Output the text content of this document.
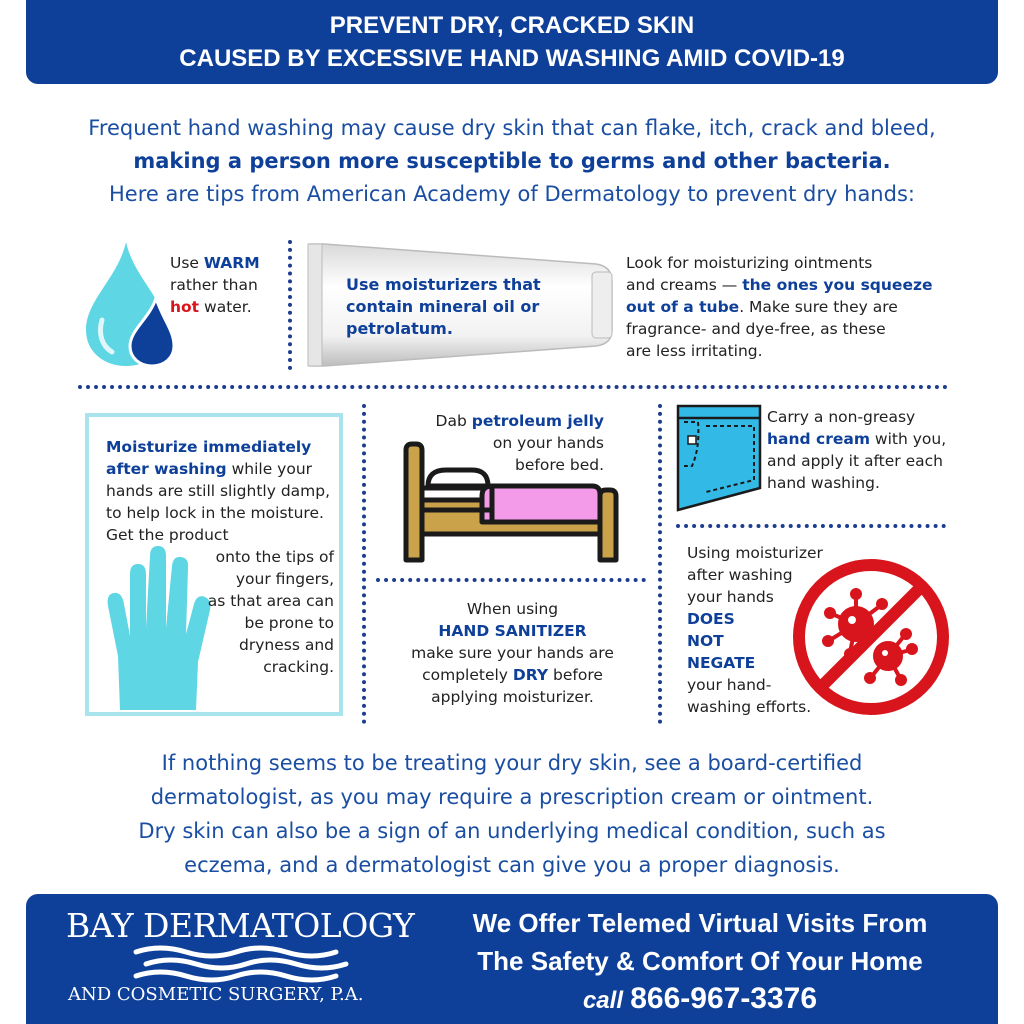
PREVENT DRY, CRACKED SKIN
CAUSED BY EXCESSIVE HAND WASHING AMID COVID-19
Frequent hand washing may cause dry skin that can flake, itch, crack and bleed,
making a person more susceptible to germs and other bacteria.
Here are tips from American Academy of Dermatology to prevent dry hands:
Use WARM
rather than
hot water.
Use moisturizers that contain mineral oil or petrolatum.
Look for moisturizing ointments
and creams — the ones you squeeze
out of a tube. Make sure they are
fragrance- and dye-free, as these
are less irritating.
Moisturize immediately after washing while your hands are still slightly damp, to help lock in the moisture. Get the product
onto the tips of
your fingers,
as that area can
be prone to
dryness and
cracking.
Dab petroleum jelly
on your hands
before bed.
When using
HAND SANITIZER
make sure your hands are
completely DRY before
applying moisturizer.
Carry a non-greasy
hand cream with you,
and apply it after each
hand washing.
Using moisturizer
after washing
your hands
DOES
NOT
NEGATE
your hand-
washing efforts.
If nothing seems to be treating your dry skin, see a board-certified
dermatologist, as you may require a prescription cream or ointment.
Dry skin can also be a sign of an underlying medical condition, such as
eczema, and a dermatologist can give you a proper diagnosis.
BAY DERMATOLOGY
AND COSMETIC SURGERY, P.A.
We Offer Telemed Virtual Visits From
The Safety & Comfort Of Your Home
call 866-967-3376
